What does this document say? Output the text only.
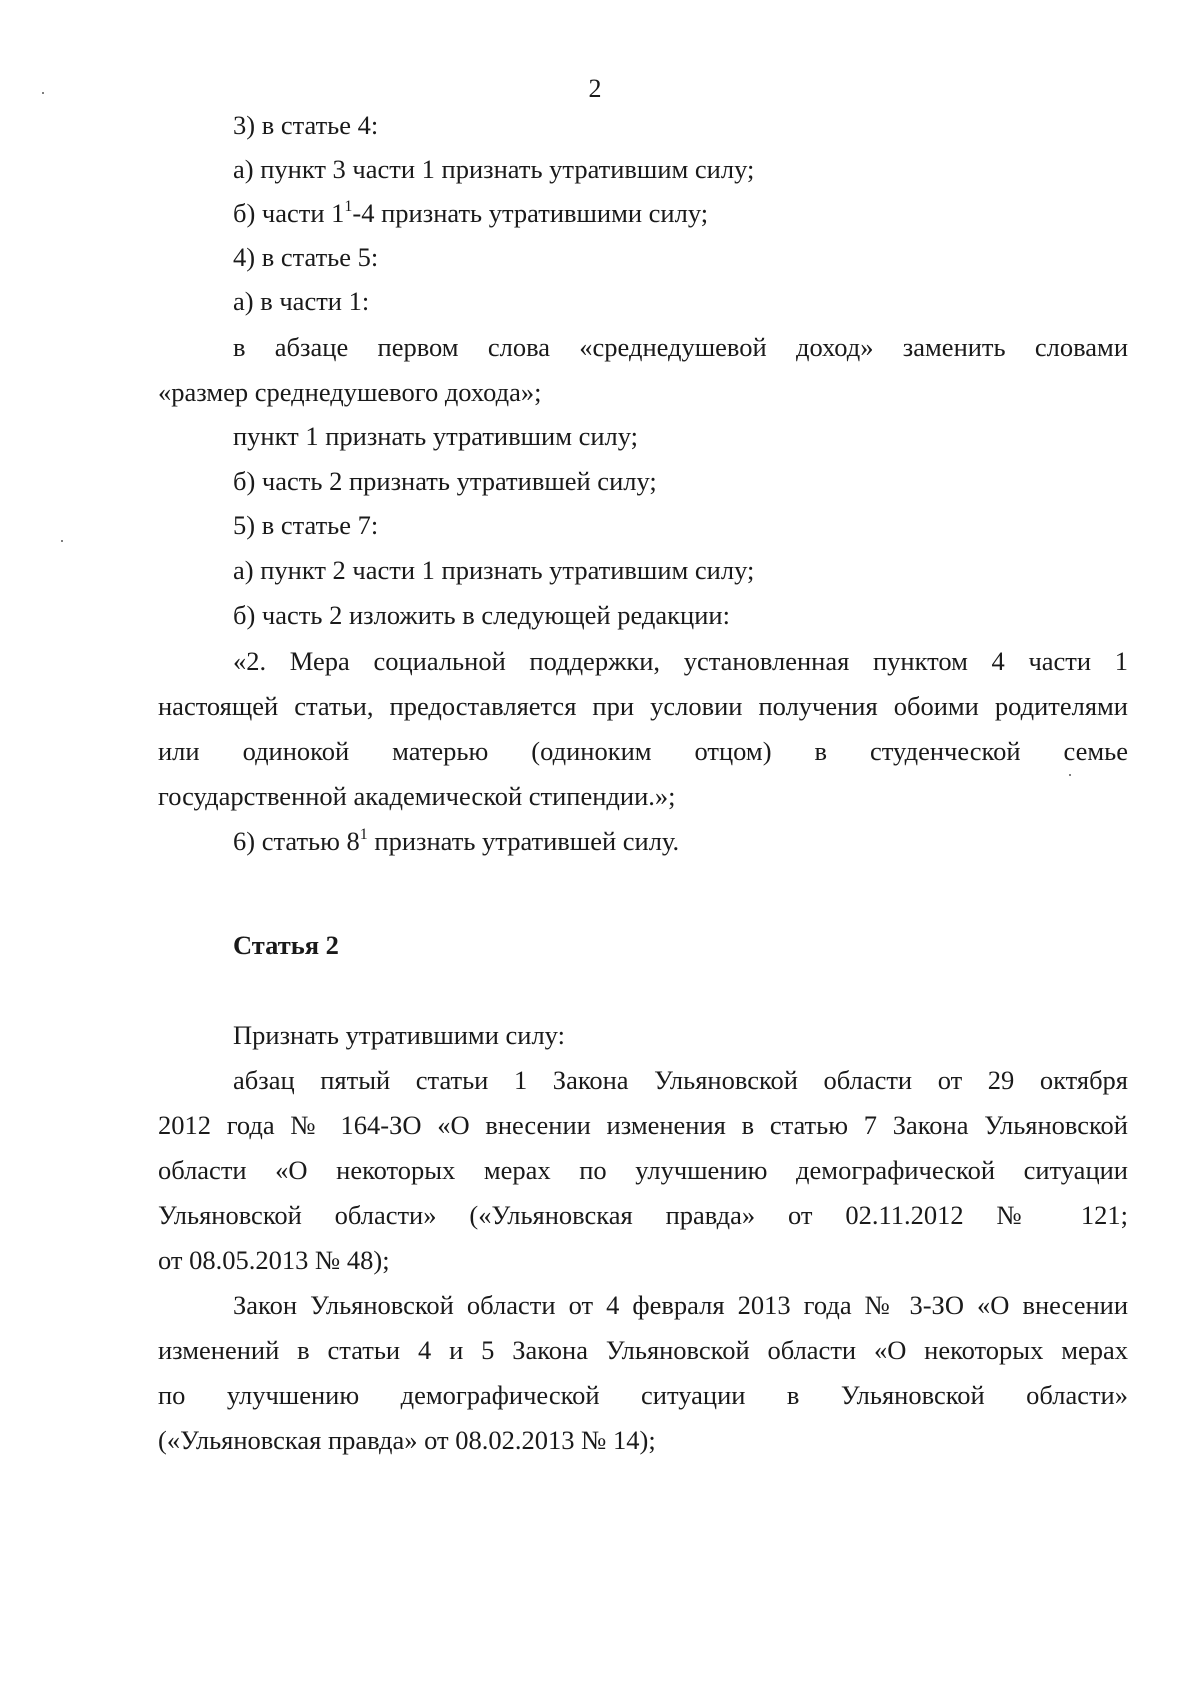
2
3) в статье 4:
а) пункт 3 части 1 признать утратившим силу;
б) части $1^1-4$ признать утратившими силу;
4) в статье 5:
а) в части 1:
в абзаце первом слова «среднедушевой доход» заменить словами
«размер среднедушевого дохода»;
пункт 1 признать утратившим силу;
б) часть 2 признать утратившей силу;
5) в статье 7:
а) пункт 2 части 1 признать утратившим силу;
б) часть 2 изложить в следующей редакции:
«2. Мера социальной поддержки, установленная пунктом 4 части 1
настоящей статьи, предоставляется при условии получения обоими родителями
или одинокой матерью (одиноким отцом) в студенческой семье
государственной академической стипендии.»;
6) статью $8^1$ признать утратившей силу.
Статья 2
Признать утратившими силу:
абзац пятый статьи 1 Закона Ульяновской области от 29 октября
2012 года № 164-ЗО «О внесении изменения в статью 7 Закона Ульяновской
области «О некоторых мерах по улучшению демографической ситуации
Ульяновской области» («Ульяновская правда» от 02.11.2012 № 121;
от 08.05.2013 № 48);
Закон Ульяновской области от 4 февраля 2013 года № 3-ЗО «О внесении
изменений в статьи 4 и 5 Закона Ульяновской области «О некоторых мерах
по улучшению демографической ситуации в Ульяновской области»
(«Ульяновская правда» от 08.02.2013 № 14);
